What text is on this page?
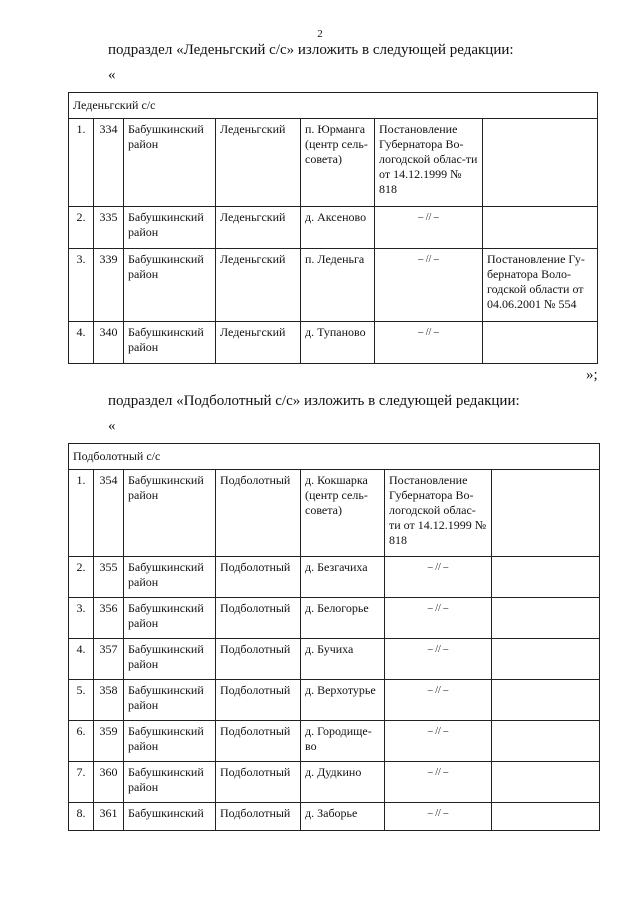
2
подраздел «Леденьгский с/с» изложить в следующей редакции:
«
Леденьгский с/с						
1.	334	Бабушкинский район	Леденьгский	п. Юрманга (центр сель-совета)	Постановление Губернатора Во-логодской облас-ти от 14.12.1999 № 818	
2.	335	Бабушкинский район	Леденьгский	д. Аксеново	– // –	
3.	339	Бабушкинский район	Леденьгский	п. Леденьга	– // –	Постановление Гу-бернатора Воло-годской области от 04.06.2001 № 554
4.	340	Бабушкинский район	Леденьгский	д. Тупаново	– // –	
»;
подраздел «Подболотный с/с» изложить в следующей редакции:
«
Подболотный с/с						
1.	354	Бабушкинский район	Подболотный	д. Кокшарка (центр сель-совета)	Постановление Губернатора Во-логодской облас-ти от 14.12.1999 № 818	
2.	355	Бабушкинский район	Подболотный	д. Безгачиха	– // –	
3.	356	Бабушкинский район	Подболотный	д. Белогорье	– // –	
4.	357	Бабушкинский район	Подболотный	д. Бучиха	– // –	
5.	358	Бабушкинский район	Подболотный	д. Верхотурье	– // –	
6.	359	Бабушкинский район	Подболотный	д. Городище-во	– // –	
7.	360	Бабушкинский район	Подболотный	д. Дудкино	– // –	
8.	361	Бабушкинский	Подболотный	д. Заборье	– // –	
